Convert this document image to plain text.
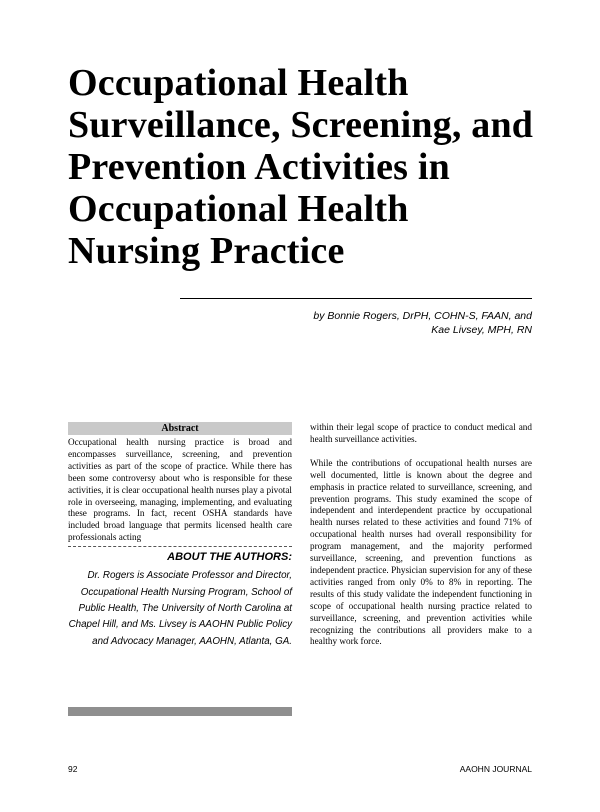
Occupational Health Surveillance, Screening, and Prevention Activities in Occupational Health Nursing Practice
by Bonnie Rogers, DrPH, COHN-S, FAAN, and
Kae Livsey, MPH, RN
Abstract

Occupational health nursing practice is broad and encompasses surveillance, screening, and prevention activities as part of the scope of practice. While there has been some controversy about who is responsible for these activities, it is clear occupational health nurses play a pivotal role in overseeing, managing, implementing, and evaluating these programs. In fact, recent OSHA standards have included broad language that permits licensed health care professionals acting

ABOUT THE AUTHORS:
Dr. Rogers is Associate Professor and Director, Occupational Health Nursing Program, School of Public Health, The University of North Carolina at Chapel Hill, and Ms. Livsey is AAOHN Public Policy and Advocacy Manager, AAOHN, Atlanta, GA.

within their legal scope of practice to conduct medical and health surveillance activities.

While the contributions of occupational health nurses are well documented, little is known about the degree and emphasis in practice related to surveillance, screening, and prevention programs. This study examined the scope of independent and interdependent practice by occupational health nurses related to these activities and found 71% of occupational health nurses had overall responsibility for program management, and the majority performed surveillance, screening, and prevention functions as independent practice. Physician supervision for any of these activities ranged from only 0% to 8% in reporting. The results of this study validate the independent functioning in scope of occupational health nursing practice related to surveillance, screening, and prevention activities while recognizing the contributions all providers make to a healthy work force.

92	AAOHN JOURNAL
